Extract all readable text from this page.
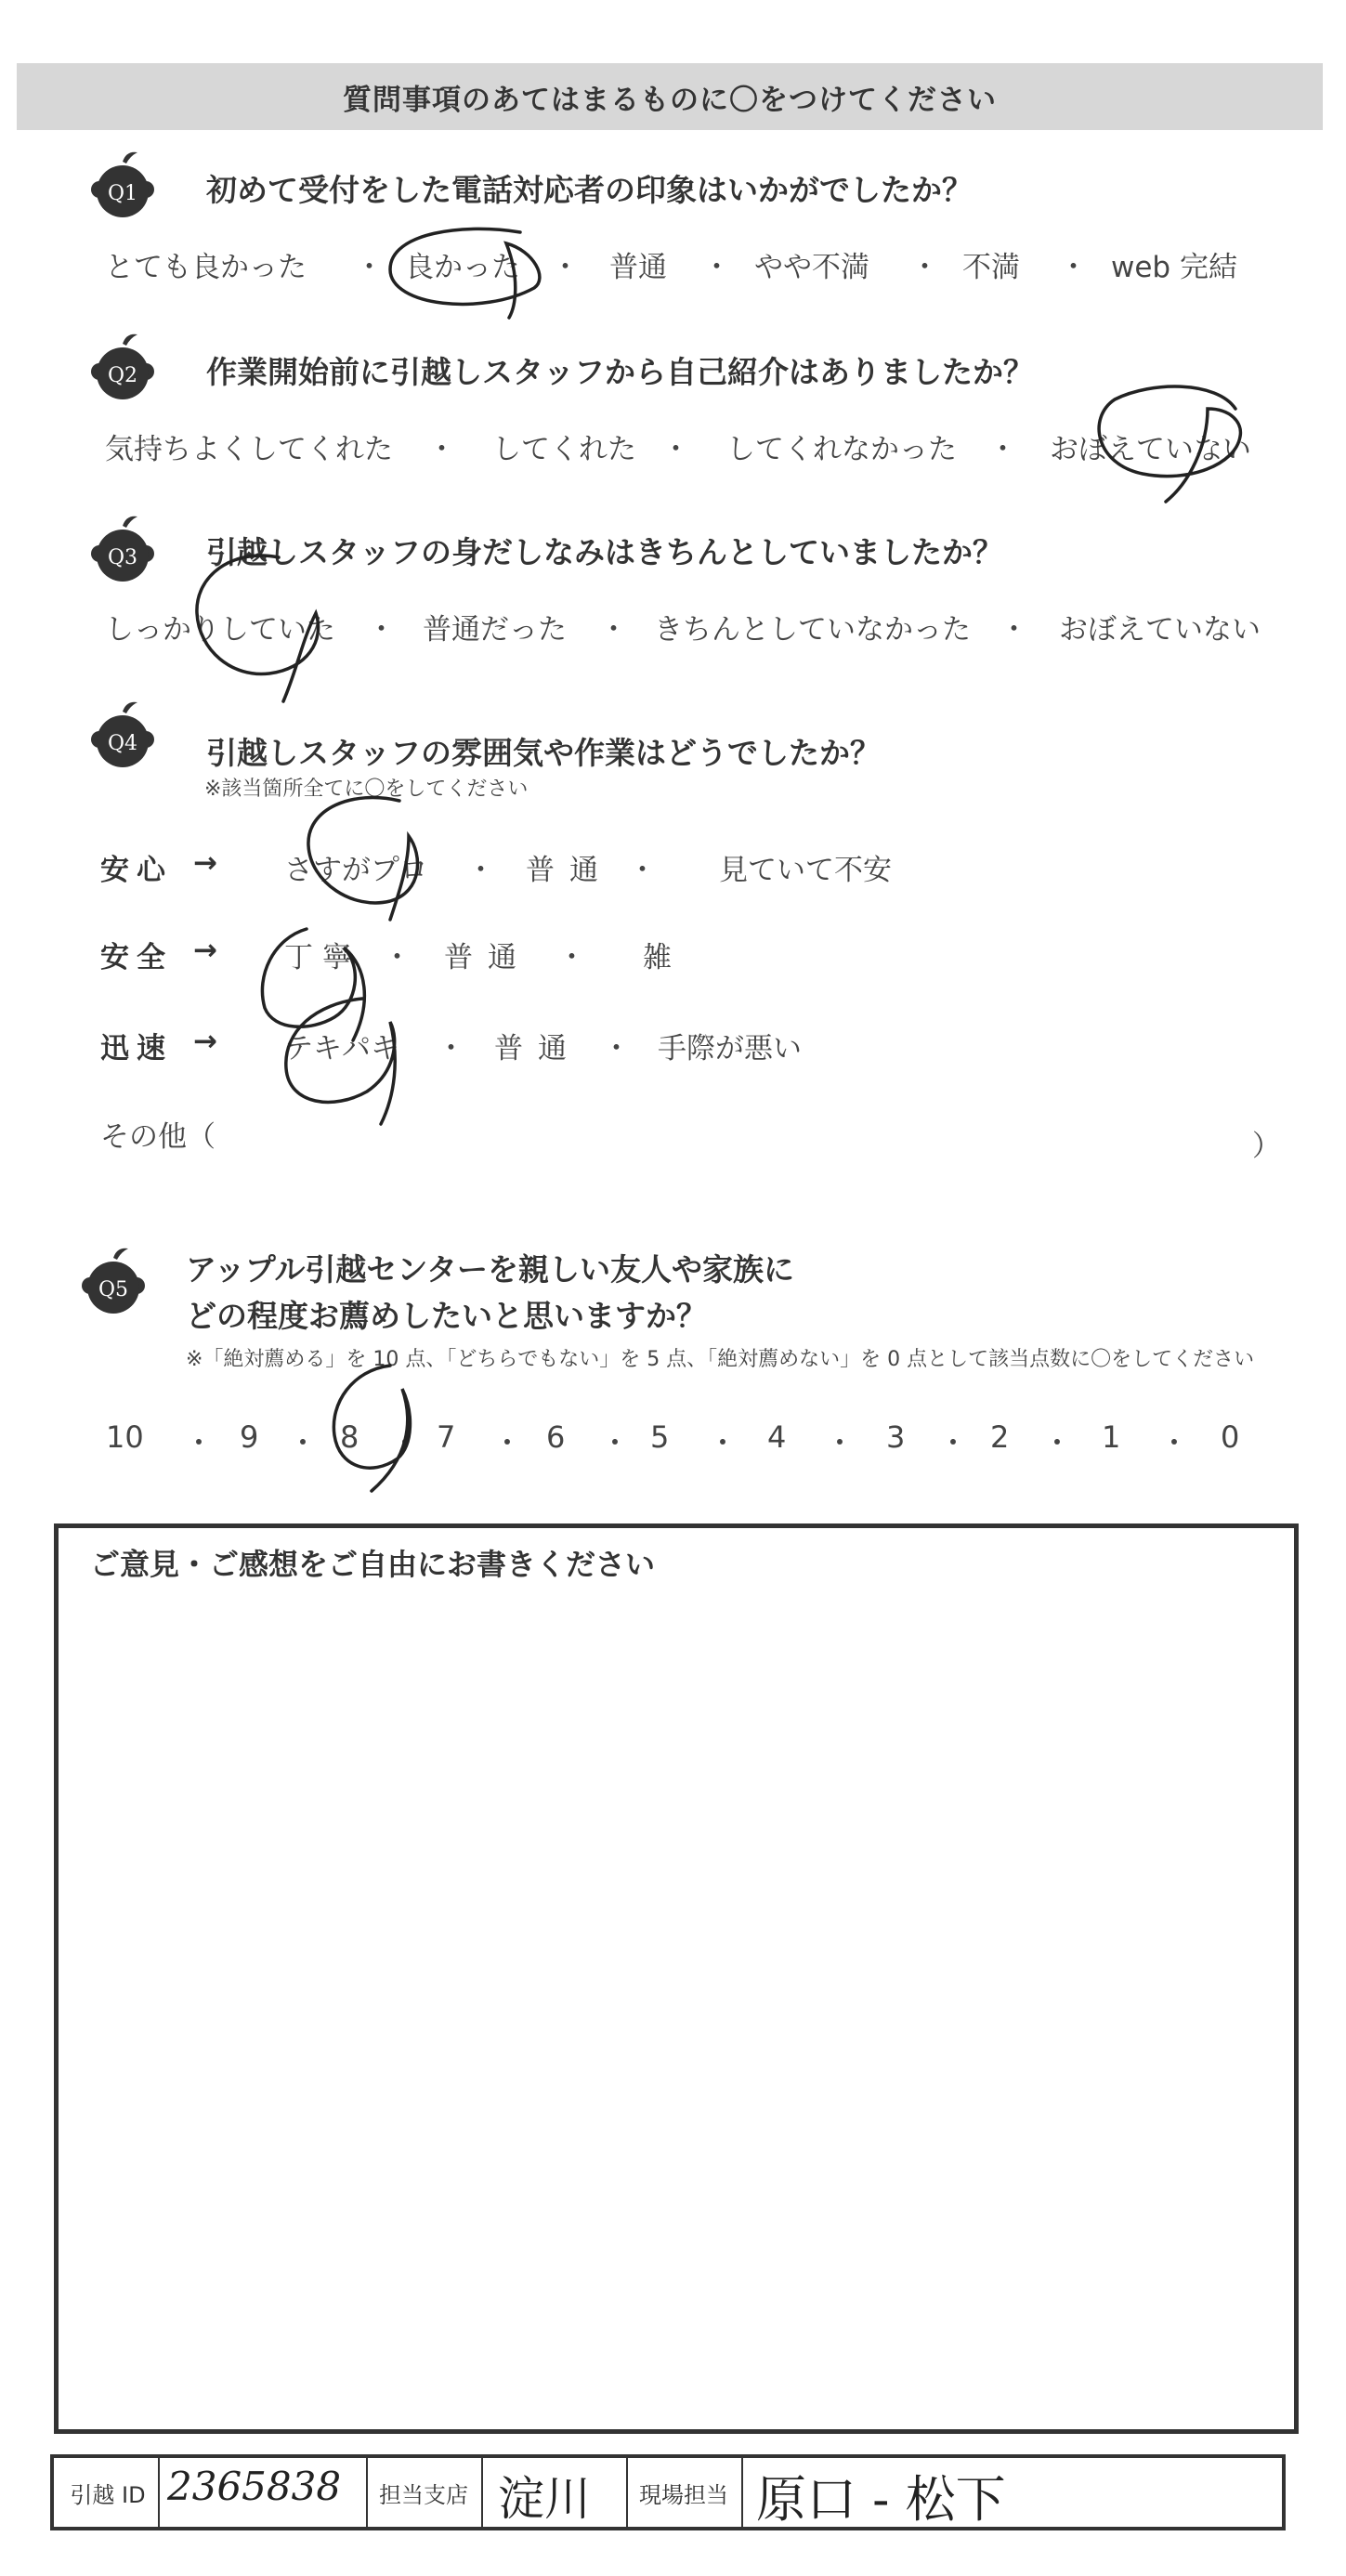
質問事項のあてはまるものに〇をつけてください
Q1 初めて受付をした電話対応者の印象はいかがでしたか？
とても良かった ・ 良かった ・ 普通 ・ やや不満 ・ 不満 ・ web 完結
Q2 作業開始前に引越しスタッフから自己紹介はありましたか？
気持ちよくしてくれた ・ してくれた ・ してくれなかった ・ おぼえていない
Q3 引越しスタッフの身だしなみはきちんとしていましたか？
しっかりしていた ・ 普通だった ・ きちんとしていなかった ・ おぼえていない
Q4 引越しスタッフの雰囲気や作業はどうでしたか？
※該当箇所全てに〇をしてください
安心 → さすがプロ ・ 普通 ・ 見ていて不安
安全 → 丁寧 ・ 普通 ・ 雑
迅速 → テキパキ ・ 普通 ・ 手際が悪い
その他（	）
Q5
アップル引越センターを親しい友人や家族に
どの程度お薦めしたいと思いますか？
※「絶対薦める」を 10 点、「どちらでもない」を 5 点、「絶対薦めない」を 0 点として該当点数に〇をしてください
10 ・ 9 ・ 8 ・ 7 ・ 6 ・ 5 ・ 4 ・ 3 ・ 2 ・ 1 ・ 0
ご意見・ご感想をご自由にお書きください
引越 ID 2365838	担当支店 淀川	現場担当 原口 ‐ 松下
